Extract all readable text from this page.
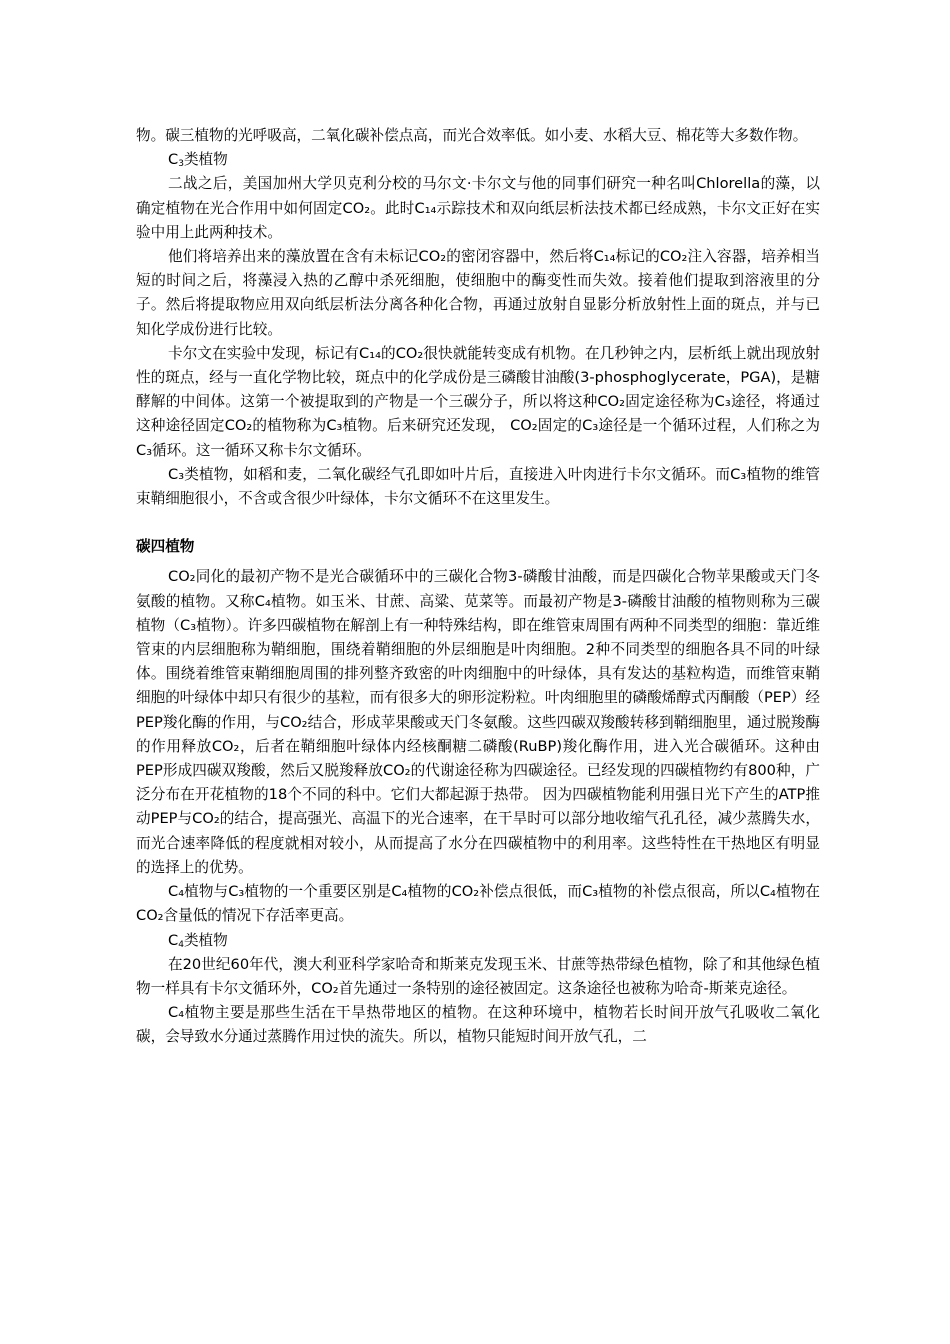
物。碳三植物的光呼吸高，二氧化碳补偿点高，而光合效率低。如小麦、水稻大豆、棉花等大多数作物。

$C_3$类植物

二战之后，美国加州大学贝克利分校的马尔文·卡尔文与他的同事们研究一种名叫Chlorella的藻，以确定植物在光合作用中如何固定CO₂。此时C₁₄示踪技术和双向纸层析法技术都已经成熟，卡尔文正好在实验中用上此两种技术。

他们将培养出来的藻放置在含有未标记CO₂的密闭容器中，然后将C₁₄标记的CO₂注入容器，培养相当短的时间之后，将藻浸入热的乙醇中杀死细胞，使细胞中的酶变性而失效。接着他们提取到溶液里的分子。然后将提取物应用双向纸层析法分离各种化合物，再通过放射自显影分析放射性上面的斑点，并与已知化学成份进行比较。

卡尔文在实验中发现，标记有C₁₄的CO₂很快就能转变成有机物。在几秒钟之内，层析纸上就出现放射性的斑点，经与一直化学物比较，斑点中的化学成份是三磷酸甘油酸(3-phosphoglycerate，PGA)，是糖酵解的中间体。这第一个被提取到的产物是一个三碳分子，所以将这种CO₂固定途径称为C₃途径，将通过这种途径固定CO₂的植物称为C₃植物。后来研究还发现， CO₂固定的C₃途径是一个循环过程，人们称之为C₃循环。这一循环又称卡尔文循环。

C₃类植物，如稻和麦，二氧化碳经气孔即如叶片后，直接进入叶肉进行卡尔文循环。而C₃植物的维管束鞘细胞很小，不含或含很少叶绿体，卡尔文循环不在这里发生。

碳四植物

CO₂同化的最初产物不是光合碳循环中的三碳化合物3-磷酸甘油酸，而是四碳化合物苹果酸或天门冬氨酸的植物。又称C₄植物。如玉米、甘蔗、高粱、苋菜等。而最初产物是3-磷酸甘油酸的植物则称为三碳植物（C₃植物）。许多四碳植物在解剖上有一种特殊结构，即在维管束周围有两种不同类型的细胞：靠近维管束的内层细胞称为鞘细胞，围绕着鞘细胞的外层细胞是叶肉细胞。2种不同类型的细胞各具不同的叶绿体。围绕着维管束鞘细胞周围的排列整齐致密的叶肉细胞中的叶绿体，具有发达的基粒构造，而维管束鞘细胞的叶绿体中却只有很少的基粒，而有很多大的卵形淀粉粒。叶肉细胞里的磷酸烯醇式丙酮酸（PEP）经PEP羧化酶的作用，与CO₂结合，形成苹果酸或天门冬氨酸。这些四碳双羧酸转移到鞘细胞里，通过脱羧酶的作用释放CO₂，后者在鞘细胞叶绿体内经核酮糖二磷酸(RuBP)羧化酶作用，进入光合碳循环。这种由PEP形成四碳双羧酸，然后又脱羧释放CO₂的代谢途径称为四碳途径。已经发现的四碳植物约有800种，广泛分布在开花植物的18个不同的科中。它们大都起源于热带。 因为四碳植物能利用强日光下产生的ATP推动PEP与CO₂的结合，提高强光、高温下的光合速率，在干旱时可以部分地收缩气孔孔径，减少蒸腾失水，而光合速率降低的程度就相对较小，从而提高了水分在四碳植物中的利用率。这些特性在干热地区有明显的选择上的优势。

C₄植物与C₃植物的一个重要区别是C₄植物的CO₂补偿点很低，而C₃植物的补偿点很高，所以C₄植物在CO₂含量低的情况下存活率更高。

$C_4$类植物

在20世纪60年代，澳大利亚科学家哈奇和斯莱克发现玉米、甘蔗等热带绿色植物，除了和其他绿色植物一样具有卡尔文循环外，CO₂首先通过一条特别的途径被固定。这条途径也被称为哈奇-斯莱克途径。

C₄植物主要是那些生活在干旱热带地区的植物。在这种环境中，植物若长时间开放气孔吸收二氧化碳，会导致水分通过蒸腾作用过快的流失。所以，植物只能短时间开放气孔，二
